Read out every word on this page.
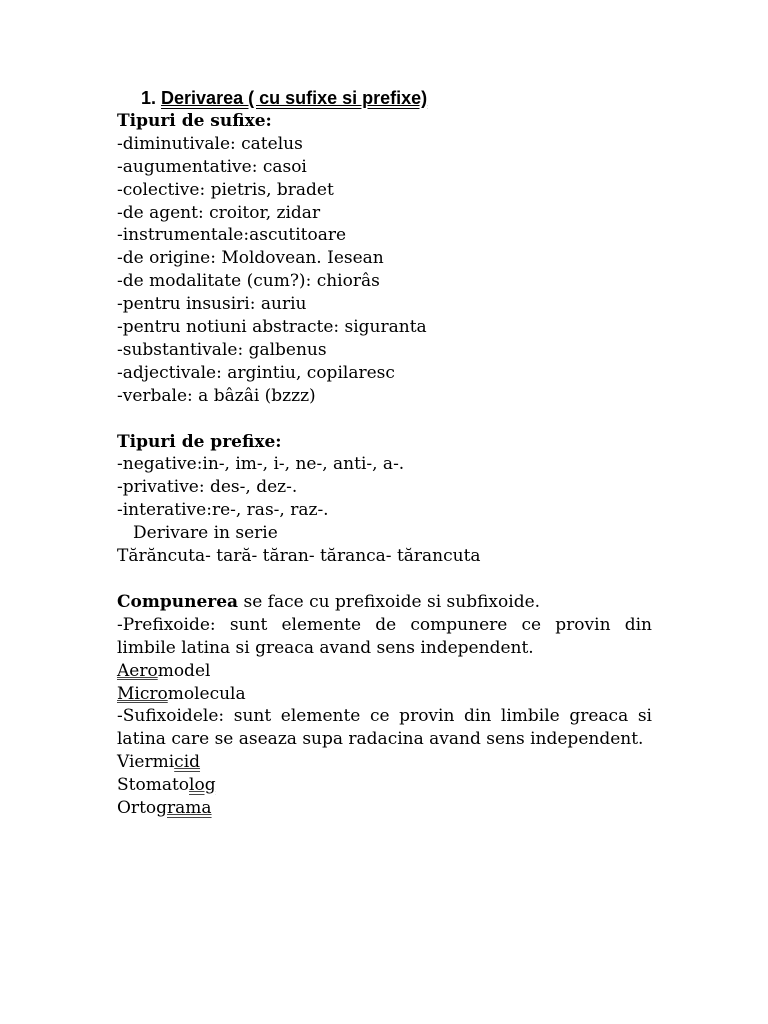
1. Derivarea ( cu sufixe si prefixe)

Tipuri de sufixe:

-diminutivale: catelus

-augumentative: casoi

-colective: pietris, bradet

-de agent: croitor, zidar

-instrumentale:ascutitoare

-de origine: Moldovean. Iesean

-de modalitate (cum?): chiorâs

-pentru insusiri: auriu

-pentru notiuni abstracte: siguranta

-substantivale: galbenus

-adjectivale: argintiu, copilaresc

-verbale: a bâzâi (bzzz)

Tipuri de prefixe:

-negative:in-, im-, i-, ne-, anti-, a-.

-privative: des-, dez-.

-interative:re-, ras-, raz-.

Derivare in serie

Tărăncuta- tară- tăran- tăranca- tărancuta

Compunerea se face cu prefixoide si subfixoide.

-Prefixoide: sunt elemente de compunere ce provin din limbile latina si greaca avand sens independent.

Aeromodel

Micromolecula

-Sufixoidele: sunt elemente ce provin din limbile greaca si latina care se aseaza supa radacina avand sens independent.

Viermicid

Stomatolog

Ortograma
